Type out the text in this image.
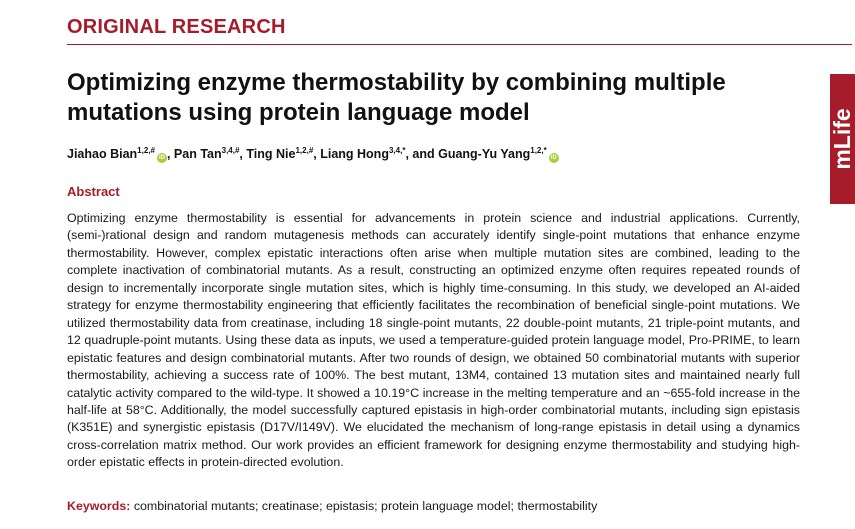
ORIGINAL RESEARCH
mLife
Optimizing enzyme thermostability by combining multiple mutations using protein language model
Jiahao Bian$^{1,2,\#}$iD , Pan Tan$^{3,4,\#}$, Ting Nie$^{1,2,\#}$, Liang Hong$^{3,4,*}$, and Guang-Yu Yang$^{1,2,*}$iD
Abstract

Optimizing enzyme thermostability is essential for advancements in protein science and industrial applications. Currently, (semi-)rational design and random mutagenesis methods can accurately identify single-point mutations that enhance enzyme thermostability. However, complex epistatic interactions often arise when multiple mutation sites are combined, leading to the complete inactivation of combinatorial mutants. As a result, constructing an optimized enzyme often requires repeated rounds of design to incrementally incorporate single mutation sites, which is highly time-consuming. In this study, we developed an AI-aided strategy for enzyme thermostability engineering that efficiently facilitates the recombination of beneficial single-point mutations. We utilized thermostability data from creatinase, including 18 single-point mutants, 22 double-point mutants, 21 triple-point mutants, and 12 quadruple-point mutants. Using these data as inputs, we used a temperature-guided protein language model, Pro-PRIME, to learn epistatic features and design combinatorial mutants. After two rounds of design, we obtained 50 combinatorial mutants with superior thermostability, achieving a success rate of 100%. The best mutant, 13M4, contained 13 mutation sites and maintained nearly full catalytic activity compared to the wild-type. It showed a 10.19°C increase in the melting temperature and an ~655-fold increase in the half-life at 58°C. Additionally, the model successfully captured epistasis in high-order combinatorial mutants, including sign epistasis (K351E) and synergistic epistasis (D17V/I149V). We elucidated the mechanism of long-range epistasis in detail using a dynamics cross-correlation matrix method. Our work provides an efficient framework for designing enzyme thermostability and studying high-order epistatic effects in protein-directed evolution.

Keywords: combinatorial mutants; creatinase; epistasis; protein language model; thermostability
